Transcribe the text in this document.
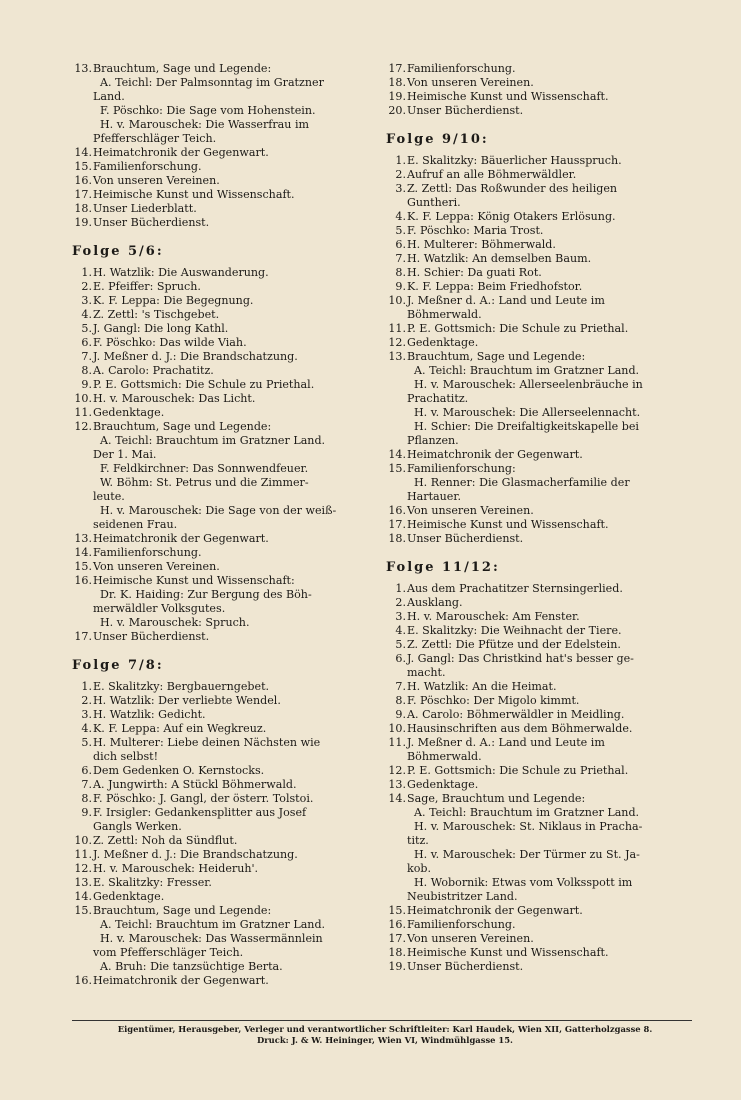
13.Brauchtum, Sage und Legende:
A. Teichl: Der Palmsonntag im Gratzner
Land.
F. Pöschko: Die Sage vom Hohenstein.
H. v. Marouschek: Die Wasserfrau im
Pfefferschläger Teich.
14.Heimatchronik der Gegenwart.
15.Familienforschung.
16.Von unseren Vereinen.
17.Heimische Kunst und Wissenschaft.
18.Unser Liederblatt.
19.Unser Bücherdienst.
Folge 5/6:
1.H. Watzlik: Die Auswanderung.
2.E. Pfeiffer: Spruch.
3.K. F. Leppa: Die Begegnung.
4.Z. Zettl: 's Tischgebet.
5.J. Gangl: Die long Kathl.
6.F. Pöschko: Das wilde Viah.
7.J. Meßner d. J.: Die Brandschatzung.
8.A. Carolo: Prachatitz.
9.P. E. Gottsmich: Die Schule zu Priethal.
10.H. v. Marouschek: Das Licht.
11.Gedenktage.
12.Brauchtum, Sage und Legende:
A. Teichl: Brauchtum im Gratzner Land.
Der 1. Mai.
F. Feldkirchner: Das Sonnwendfeuer.
W. Böhm: St. Petrus und die Zimmer-
leute.
H. v. Marouschek: Die Sage von der weiß-
seidenen Frau.
13.Heimatchronik der Gegenwart.
14.Familienforschung.
15.Von unseren Vereinen.
16.Heimische Kunst und Wissenschaft:
Dr. K. Haiding: Zur Bergung des Böh-
merwäldler Volksgutes.
H. v. Marouschek: Spruch.
17.Unser Bücherdienst.
Folge 7/8:
1.E. Skalitzky: Bergbauerngebet.
2.H. Watzlik: Der verliebte Wendel.
3.H. Watzlik: Gedicht.
4.K. F. Leppa: Auf ein Wegkreuz.
5.H. Multerer: Liebe deinen Nächsten wie
dich selbst!
6.Dem Gedenken O. Kernstocks.
7.A. Jungwirth: A Stückl Böhmerwald.
8.F. Pöschko: J. Gangl, der österr. Tolstoi.
9.F. Irsigler: Gedankensplitter aus Josef
Gangls Werken.
10.Z. Zettl: Noh da Sündflut.
11.J. Meßner d. J.: Die Brandschatzung.
12.H. v. Marouschek: Heideruh'.
13.E. Skalitzky: Fresser.
14.Gedenktage.
15.Brauchtum, Sage und Legende:
A. Teichl: Brauchtum im Gratzner Land.
H. v. Marouschek: Das Wassermännlein
vom Pfefferschläger Teich.
A. Bruh: Die tanzsüchtige Berta.
16.Heimatchronik der Gegenwart.
17.Familienforschung.
18.Von unseren Vereinen.
19.Heimische Kunst und Wissenschaft.
20.Unser Bücherdienst.
Folge 9/10:
1.E. Skalitzky: Bäuerlicher Hausspruch.
2.Aufruf an alle Böhmerwäldler.
3.Z. Zettl: Das Roßwunder des heiligen
Guntheri.
4.K. F. Leppa: König Otakers Erlösung.
5.F. Pöschko: Maria Trost.
6.H. Multerer: Böhmerwald.
7.H. Watzlik: An demselben Baum.
8.H. Schier: Da guati Rot.
9.K. F. Leppa: Beim Friedhofstor.
10.J. Meßner d. A.: Land und Leute im
Böhmerwald.
11.P. E. Gottsmich: Die Schule zu Priethal.
12.Gedenktage.
13.Brauchtum, Sage und Legende:
A. Teichl: Brauchtum im Gratzner Land.
H. v. Marouschek: Allerseelenbräuche in
Prachatitz.
H. v. Marouschek: Die Allerseelennacht.
H. Schier: Die Dreifaltigkeitskapelle bei
Pflanzen.
14.Heimatchronik der Gegenwart.
15.Familienforschung:
H. Renner: Die Glasmacherfamilie der
Hartauer.
16.Von unseren Vereinen.
17.Heimische Kunst und Wissenschaft.
18.Unser Bücherdienst.
Folge 11/12:
1.Aus dem Prachatitzer Sternsingerlied.
2.Ausklang.
3.H. v. Marouschek: Am Fenster.
4.E. Skalitzky: Die Weihnacht der Tiere.
5.Z. Zettl: Die Pfütze und der Edelstein.
6.J. Gangl: Das Christkind hat's besser ge-
macht.
7.H. Watzlik: An die Heimat.
8.F. Pöschko: Der Migolo kimmt.
9.A. Carolo: Böhmerwäldler in Meidling.
10.Hausinschriften aus dem Böhmerwalde.
11.J. Meßner d. A.: Land und Leute im
Böhmerwald.
12.P. E. Gottsmich: Die Schule zu Priethal.
13.Gedenktage.
14.Sage, Brauchtum und Legende:
A. Teichl: Brauchtum im Gratzner Land.
H. v. Marouschek: St. Niklaus in Pracha-
titz.
H. v. Marouschek: Der Türmer zu St. Ja-
kob.
H. Wobornik: Etwas vom Volksspott im
Neubistritzer Land.
15.Heimatchronik der Gegenwart.
16.Familienforschung.
17.Von unseren Vereinen.
18.Heimische Kunst und Wissenschaft.
19.Unser Bücherdienst.
Eigentümer, Herausgeber, Verleger und verantwortlicher Schriftleiter: Karl Haudek, Wien XII, Gatterholzgasse 8.
Druck: J. & W. Heininger, Wien VI, Windmühlgasse 15.
